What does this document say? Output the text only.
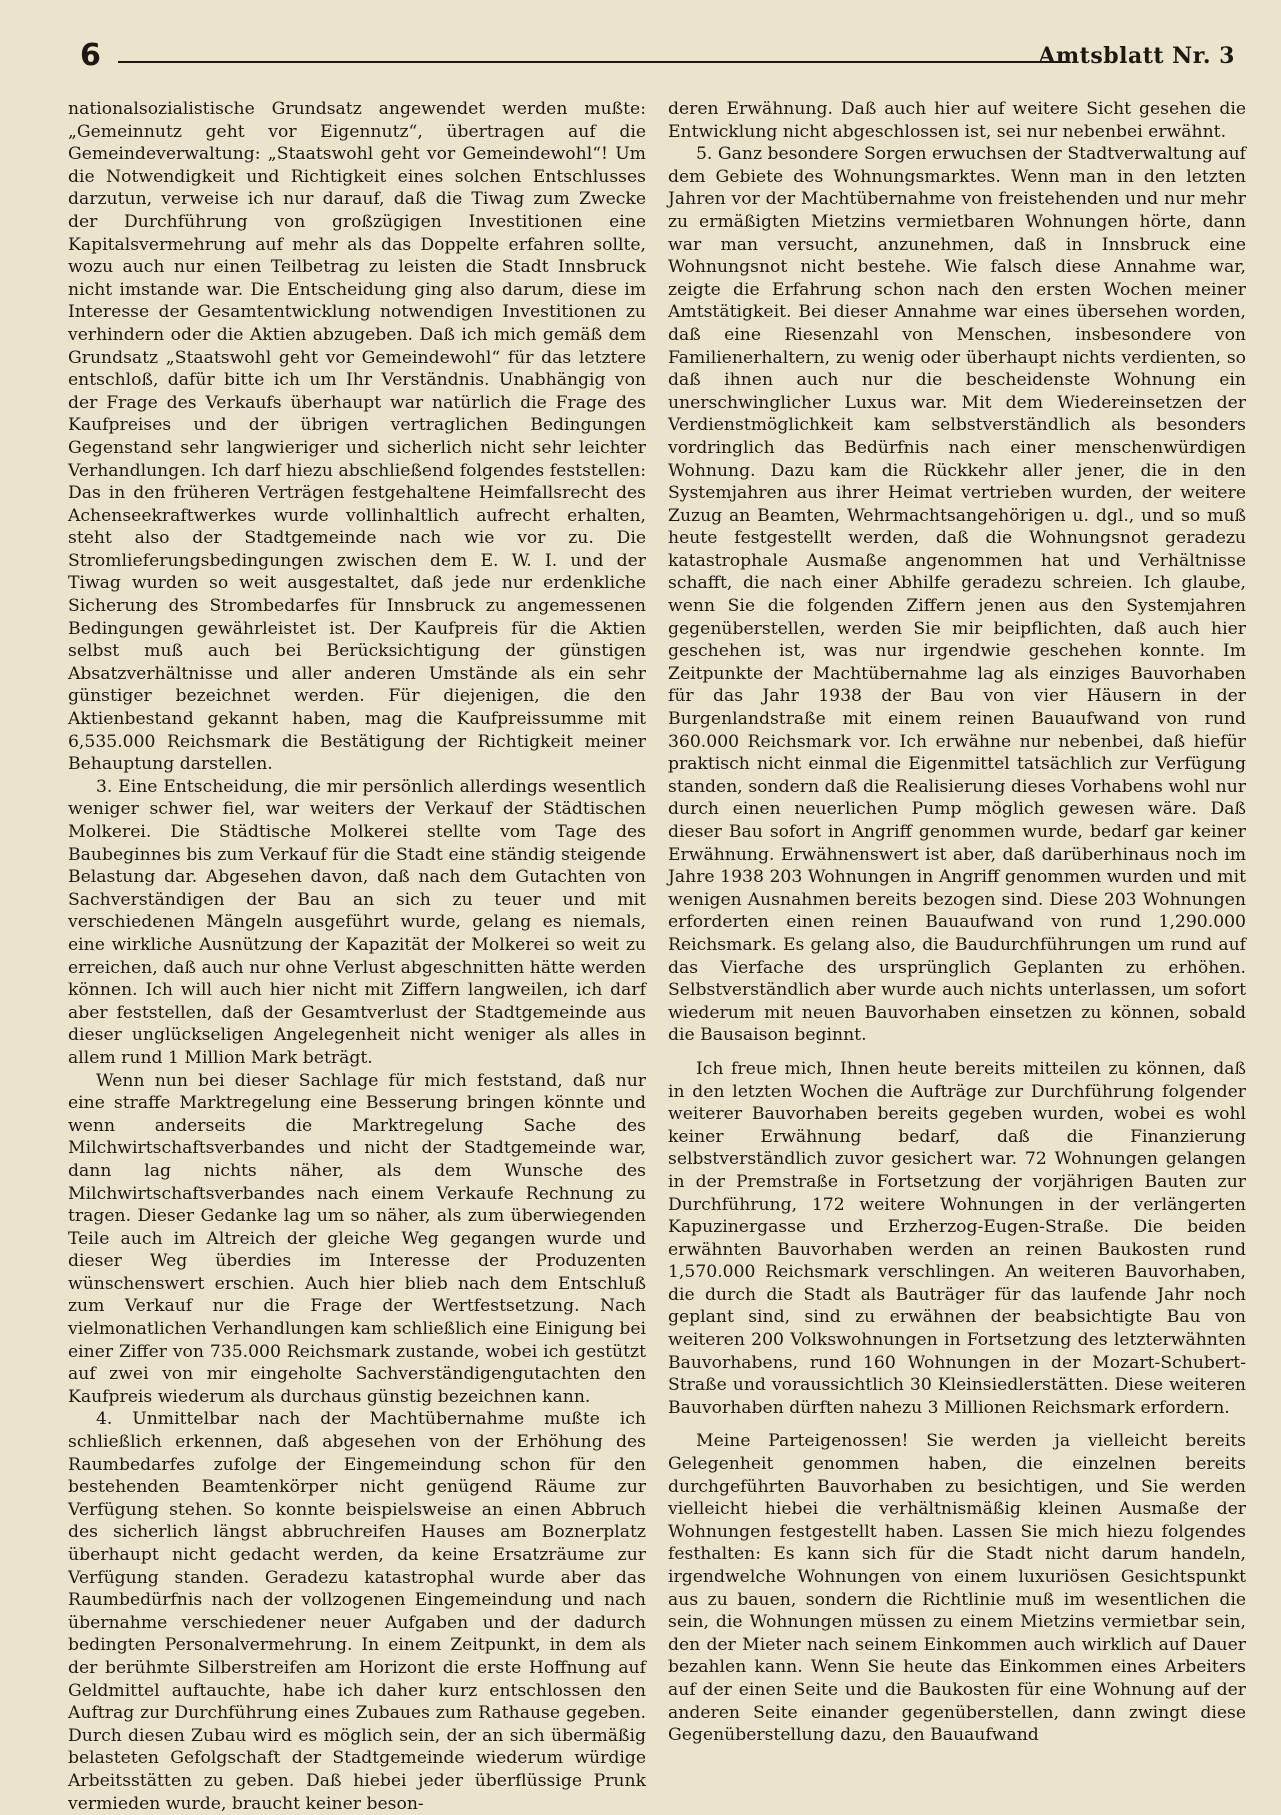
6	Amtsblatt Nr. 3

nationalsozialistische Grundsatz angewendet werden mußte: „Gemeinnutz geht vor Eigennutz“, übertragen auf die Gemeindeverwaltung: „Staatswohl geht vor Gemeindewohl“! Um die Notwendigkeit und Richtigkeit eines solchen Entschlusses darzutun, verweise ich nur darauf, daß die Tiwag zum Zwecke der Durchführung von großzügigen Investitionen eine Kapitalsvermehrung auf mehr als das Doppelte erfahren sollte, wozu auch nur einen Teilbetrag zu leisten die Stadt Innsbruck nicht imstande war. Die Entscheidung ging also darum, diese im Interesse der Gesamtentwicklung notwendigen Investitionen zu verhindern oder die Aktien abzugeben. Daß ich mich gemäß dem Grundsatz „Staatswohl geht vor Gemeindewohl“ für das letztere entschloß, dafür bitte ich um Ihr Verständnis. Unabhängig von der Frage des Verkaufs überhaupt war natürlich die Frage des Kaufpreises und der übrigen vertraglichen Bedingungen Gegenstand sehr langwieriger und sicherlich nicht sehr leichter Verhandlungen. Ich darf hiezu abschließend folgendes feststellen: Das in den früheren Verträgen festgehaltene Heimfallsrecht des Achenseekraftwerkes wurde vollinhaltlich aufrecht erhalten, steht also der Stadtgemeinde nach wie vor zu. Die Stromlieferungsbedingungen zwischen dem E. W. I. und der Tiwag wurden so weit ausgestaltet, daß jede nur erdenkliche Sicherung des Strombedarfes für Innsbruck zu angemessenen Bedingungen gewährleistet ist. Der Kaufpreis für die Aktien selbst muß auch bei Berücksichtigung der günstigen Absatzverhältnisse und aller anderen Umstände als ein sehr günstiger bezeichnet werden. Für diejenigen, die den Aktienbestand gekannt haben, mag die Kaufpreissumme mit 6,535.000 Reichsmark die Bestätigung der Richtigkeit meiner Behauptung darstellen.

3. Eine Entscheidung, die mir persönlich allerdings wesentlich weniger schwer fiel, war weiters der Verkauf der Städtischen Molkerei. Die Städtische Molkerei stellte vom Tage des Baubeginnes bis zum Verkauf für die Stadt eine ständig steigende Belastung dar. Abgesehen davon, daß nach dem Gutachten von Sachverständigen der Bau an sich zu teuer und mit verschiedenen Mängeln ausgeführt wurde, gelang es niemals, eine wirkliche Ausnützung der Kapazität der Molkerei so weit zu erreichen, daß auch nur ohne Verlust abgeschnitten hätte werden können. Ich will auch hier nicht mit Ziffern langweilen, ich darf aber feststellen, daß der Gesamtverlust der Stadtgemeinde aus dieser unglückseligen Angelegenheit nicht weniger als alles in allem rund 1 Million Mark beträgt.

Wenn nun bei dieser Sachlage für mich feststand, daß nur eine straffe Marktregelung eine Besserung bringen könnte und wenn anderseits die Marktregelung Sache des Milchwirtschaftsverbandes und nicht der Stadtgemeinde war, dann lag nichts näher, als dem Wunsche des Milchwirtschaftsverbandes nach einem Verkaufe Rechnung zu tragen. Dieser Gedanke lag um so näher, als zum überwiegenden Teile auch im Altreich der gleiche Weg gegangen wurde und dieser Weg überdies im Interesse der Produzenten wünschenswert erschien. Auch hier blieb nach dem Entschluß zum Verkauf nur die Frage der Wertfestsetzung. Nach vielmonatlichen Verhandlungen kam schließlich eine Einigung bei einer Ziffer von 735.000 Reichsmark zustande, wobei ich gestützt auf zwei von mir eingeholte Sachverständigengutachten den Kaufpreis wiederum als durchaus günstig bezeichnen kann.

4. Unmittelbar nach der Machtübernahme mußte ich schließlich erkennen, daß abgesehen von der Erhöhung des Raumbedarfes zufolge der Eingemeindung schon für den bestehenden Beamtenkörper nicht genügend Räume zur Verfügung stehen. So konnte beispielsweise an einen Abbruch des sicherlich längst abbruchreifen Hauses am Boznerplatz überhaupt nicht gedacht werden, da keine Ersatzräume zur Verfügung standen. Geradezu katastrophal wurde aber das Raumbedürfnis nach der vollzogenen Eingemeindung und nach übernahme verschiedener neuer Aufgaben und der dadurch bedingten Personalvermehrung. In einem Zeitpunkt, in dem als der berühmte Silberstreifen am Horizont die erste Hoffnung auf Geldmittel auftauchte, habe ich daher kurz entschlossen den Auftrag zur Durchführung eines Zubaues zum Rathause gegeben. Durch diesen Zubau wird es möglich sein, der an sich übermäßig belasteten Gefolgschaft der Stadtgemeinde wiederum würdige Arbeitsstätten zu geben. Daß hiebei jeder überflüssige Prunk vermieden wurde, braucht keiner beson-

deren Erwähnung. Daß auch hier auf weitere Sicht gesehen die Entwicklung nicht abgeschlossen ist, sei nur nebenbei erwähnt.

5. Ganz besondere Sorgen erwuchsen der Stadtverwaltung auf dem Gebiete des Wohnungsmarktes. Wenn man in den letzten Jahren vor der Machtübernahme von freistehenden und nur mehr zu ermäßigten Mietzins vermietbaren Wohnungen hörte, dann war man versucht, anzunehmen, daß in Innsbruck eine Wohnungsnot nicht bestehe. Wie falsch diese Annahme war, zeigte die Erfahrung schon nach den ersten Wochen meiner Amtstätigkeit. Bei dieser Annahme war eines übersehen worden, daß eine Riesenzahl von Menschen, insbesondere von Familienerhaltern, zu wenig oder überhaupt nichts verdienten, so daß ihnen auch nur die bescheidenste Wohnung ein unerschwinglicher Luxus war. Mit dem Wiedereinsetzen der Verdienstmöglichkeit kam selbstverständlich als besonders vordringlich das Bedürfnis nach einer menschenwürdigen Wohnung. Dazu kam die Rückkehr aller jener, die in den Systemjahren aus ihrer Heimat vertrieben wurden, der weitere Zuzug an Beamten, Wehrmachtsangehörigen u. dgl., und so muß heute festgestellt werden, daß die Wohnungsnot geradezu katastrophale Ausmaße angenommen hat und Verhältnisse schafft, die nach einer Abhilfe geradezu schreien. Ich glaube, wenn Sie die folgenden Ziffern jenen aus den Systemjahren gegenüberstellen, werden Sie mir beipflichten, daß auch hier geschehen ist, was nur irgendwie geschehen konnte. Im Zeitpunkte der Machtübernahme lag als einziges Bauvorhaben für das Jahr 1938 der Bau von vier Häusern in der Burgenlandstraße mit einem reinen Bauaufwand von rund 360.000 Reichsmark vor. Ich erwähne nur nebenbei, daß hiefür praktisch nicht einmal die Eigenmittel tatsächlich zur Verfügung standen, sondern daß die Realisierung dieses Vorhabens wohl nur durch einen neuerlichen Pump möglich gewesen wäre. Daß dieser Bau sofort in Angriff genommen wurde, bedarf gar keiner Erwähnung. Erwähnenswert ist aber, daß darüberhinaus noch im Jahre 1938 203 Wohnungen in Angriff genommen wurden und mit wenigen Ausnahmen bereits bezogen sind. Diese 203 Wohnungen erforderten einen reinen Bauaufwand von rund 1,290.000 Reichsmark. Es gelang also, die Baudurchführungen um rund auf das Vierfache des ursprünglich Geplanten zu erhöhen. Selbstverständlich aber wurde auch nichts unterlassen, um sofort wiederum mit neuen Bauvorhaben einsetzen zu können, sobald die Bausaison beginnt.

Ich freue mich, Ihnen heute bereits mitteilen zu können, daß in den letzten Wochen die Aufträge zur Durchführung folgender weiterer Bauvorhaben bereits gegeben wurden, wobei es wohl keiner Erwähnung bedarf, daß die Finanzierung selbstverständlich zuvor gesichert war. 72 Wohnungen gelangen in der Premstraße in Fortsetzung der vorjährigen Bauten zur Durchführung, 172 weitere Wohnungen in der verlängerten Kapuzinergasse und Erzherzog-Eugen-Straße. Die beiden erwähnten Bauvorhaben werden an reinen Baukosten rund 1,570.000 Reichsmark verschlingen. An weiteren Bauvorhaben, die durch die Stadt als Bauträger für das laufende Jahr noch geplant sind, sind zu erwähnen der beabsichtigte Bau von weiteren 200 Volkswohnungen in Fortsetzung des letzterwähnten Bauvorhabens, rund 160 Wohnungen in der Mozart-Schubert-Straße und voraussichtlich 30 Kleinsiedlerstätten. Diese weiteren Bauvorhaben dürften nahezu 3 Millionen Reichsmark erfordern.

Meine Parteigenossen! Sie werden ja vielleicht bereits Gelegenheit genommen haben, die einzelnen bereits durchgeführten Bauvorhaben zu besichtigen, und Sie werden vielleicht hiebei die verhältnismäßig kleinen Ausmaße der Wohnungen festgestellt haben. Lassen Sie mich hiezu folgendes festhalten: Es kann sich für die Stadt nicht darum handeln, irgendwelche Wohnungen von einem luxuriösen Gesichtspunkt aus zu bauen, sondern die Richtlinie muß im wesentlichen die sein, die Wohnungen müssen zu einem Mietzins vermietbar sein, den der Mieter nach seinem Einkommen auch wirklich auf Dauer bezahlen kann. Wenn Sie heute das Einkommen eines Arbeiters auf der einen Seite und die Baukosten für eine Wohnung auf der anderen Seite einander gegenüberstellen, dann zwingt diese Gegenüberstellung dazu, den Bauaufwand
